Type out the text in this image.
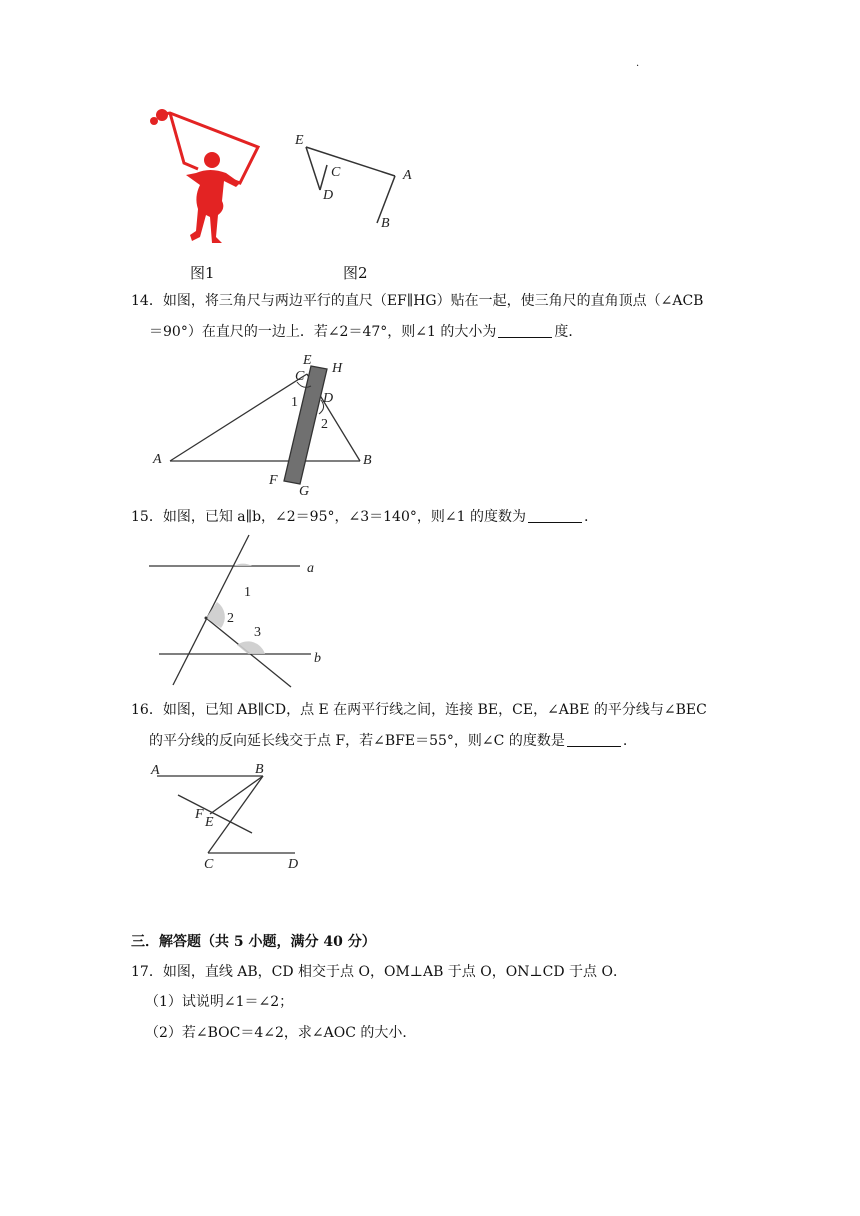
.
E
C
D
A
B
图1	图2
14．如图，将三角尺与两边平行的直尺（EF∥HG）贴在一起，使三角尺的直角顶点（∠ACB
＝90°）在直尺的一边上．若∠2＝47°，则∠1 的大小为	度．
E
H
C
D
1
2
A	B
F
G
15．如图，已知 a∥b，∠2＝95°，∠3＝140°，则∠1 的度数为	.
a
b
1
2
3
16．如图，已知 AB∥CD，点 E 在两平行线之间，连接 BE，CE，∠ABE 的平分线与∠BEC
的平分线的反向延长线交于点 F，若∠BFE＝55°，则∠C 的度数是	.
A	B
F
E
C	D
三．解答题（共 5 小题，满分 40 分）
17．如图，直线 AB，CD 相交于点 O，OM⊥AB 于点 O，ON⊥CD 于点 O．
（1）试说明∠1＝∠2；
（2）若∠BOC＝4∠2，求∠AOC 的大小．
